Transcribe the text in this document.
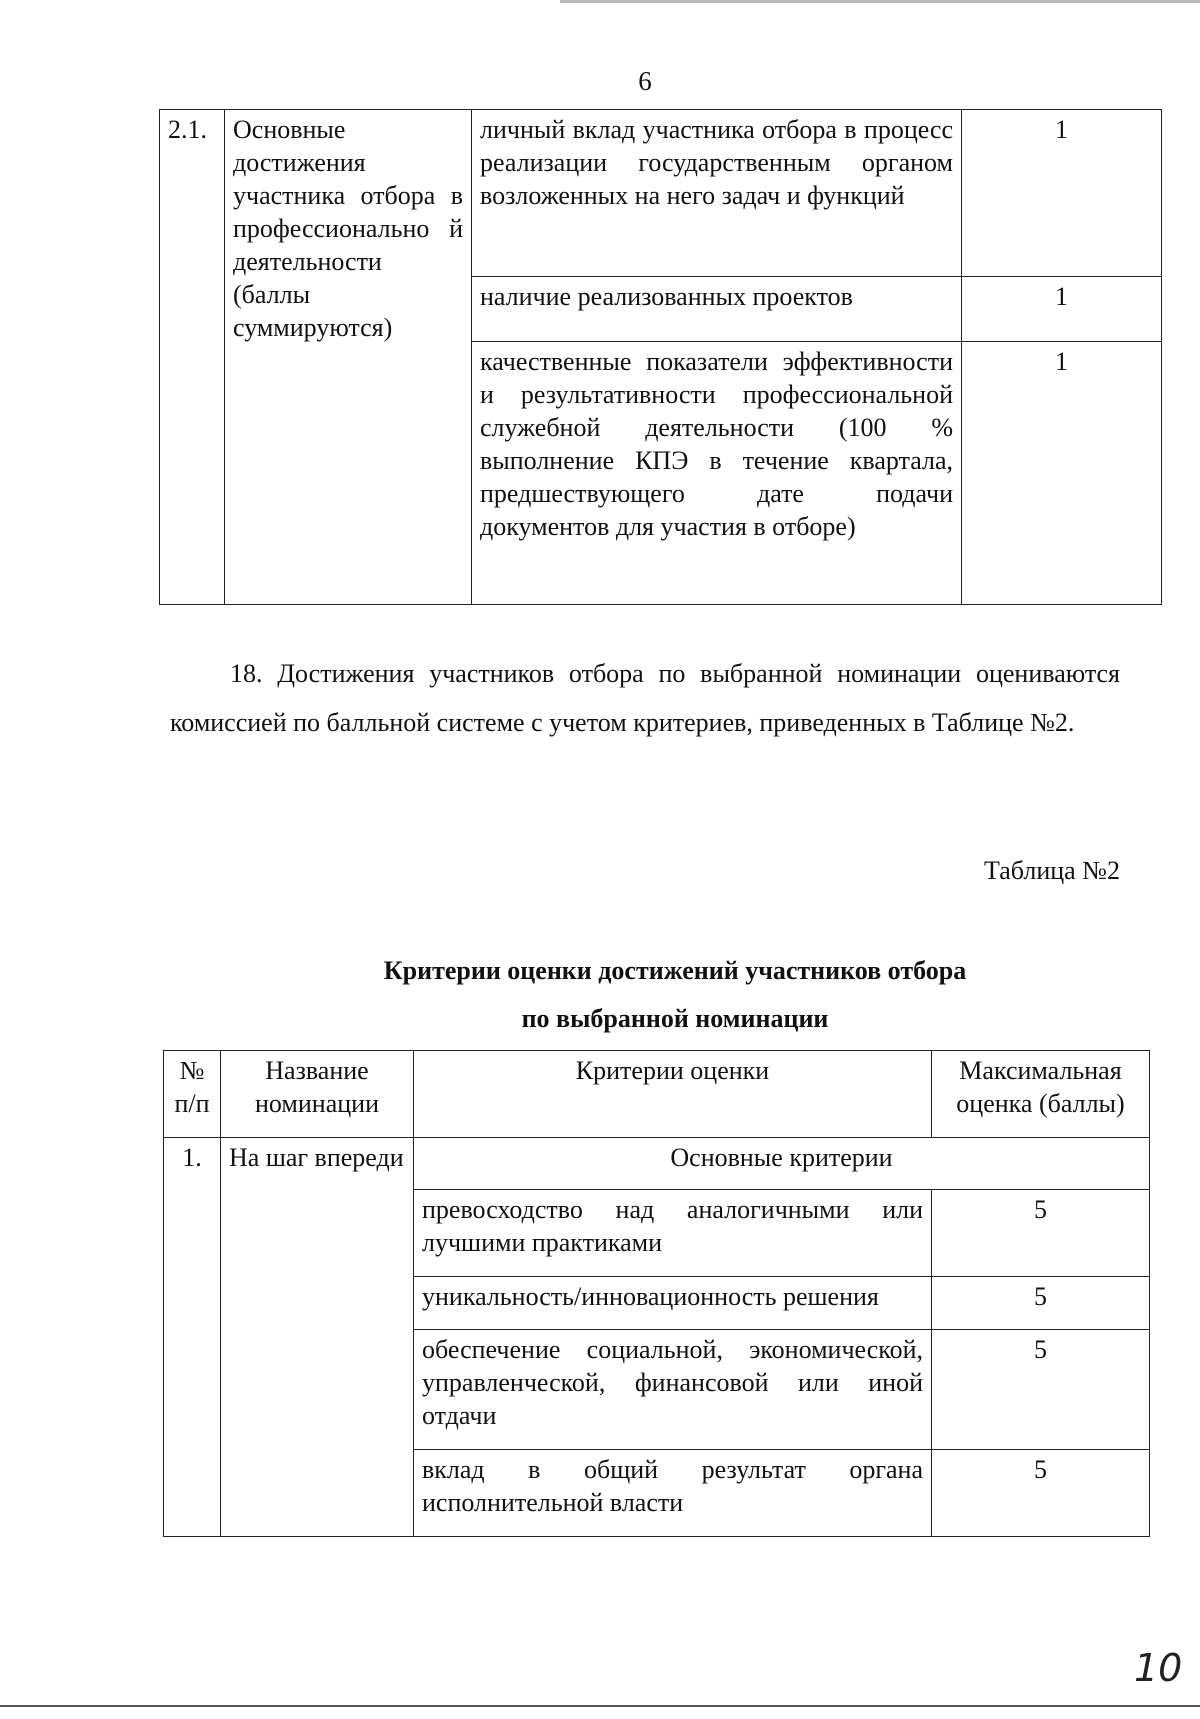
6
2.1.	Основные достижения участника отбора в профессионально й деятельности (баллы суммируются)	личный вклад участника отбора в процесс реализации государственным органом возложенных на него задач и функций	1
		наличие реализованных проектов	1
		качественные показатели эффективности и результативности профессиональной служебной деятельности (100 % выполнение КПЭ в течение квартала, предшествующего дате подачи документов для участия в отборе)	1
18. Достижения участников отбора по выбранной номинации оцениваются комиссией по балльной системе с учетом критериев, приведенных в Таблице №2.
Таблица №2
Критерии оценки достижений участников отбора
по выбранной номинации
№ п/п	Название номинации	Критерии оценки	Максимальная оценка (баллы)
1.	На шаг впереди	Основные критерии	
		превосходство над аналогичными или лучшими практиками	5
		уникальность/инновационность решения	5
		обеспечение социальной, экономической, управленческой, финансовой или иной отдачи	5
		вклад в общий результат органа исполнительной власти	5
10
